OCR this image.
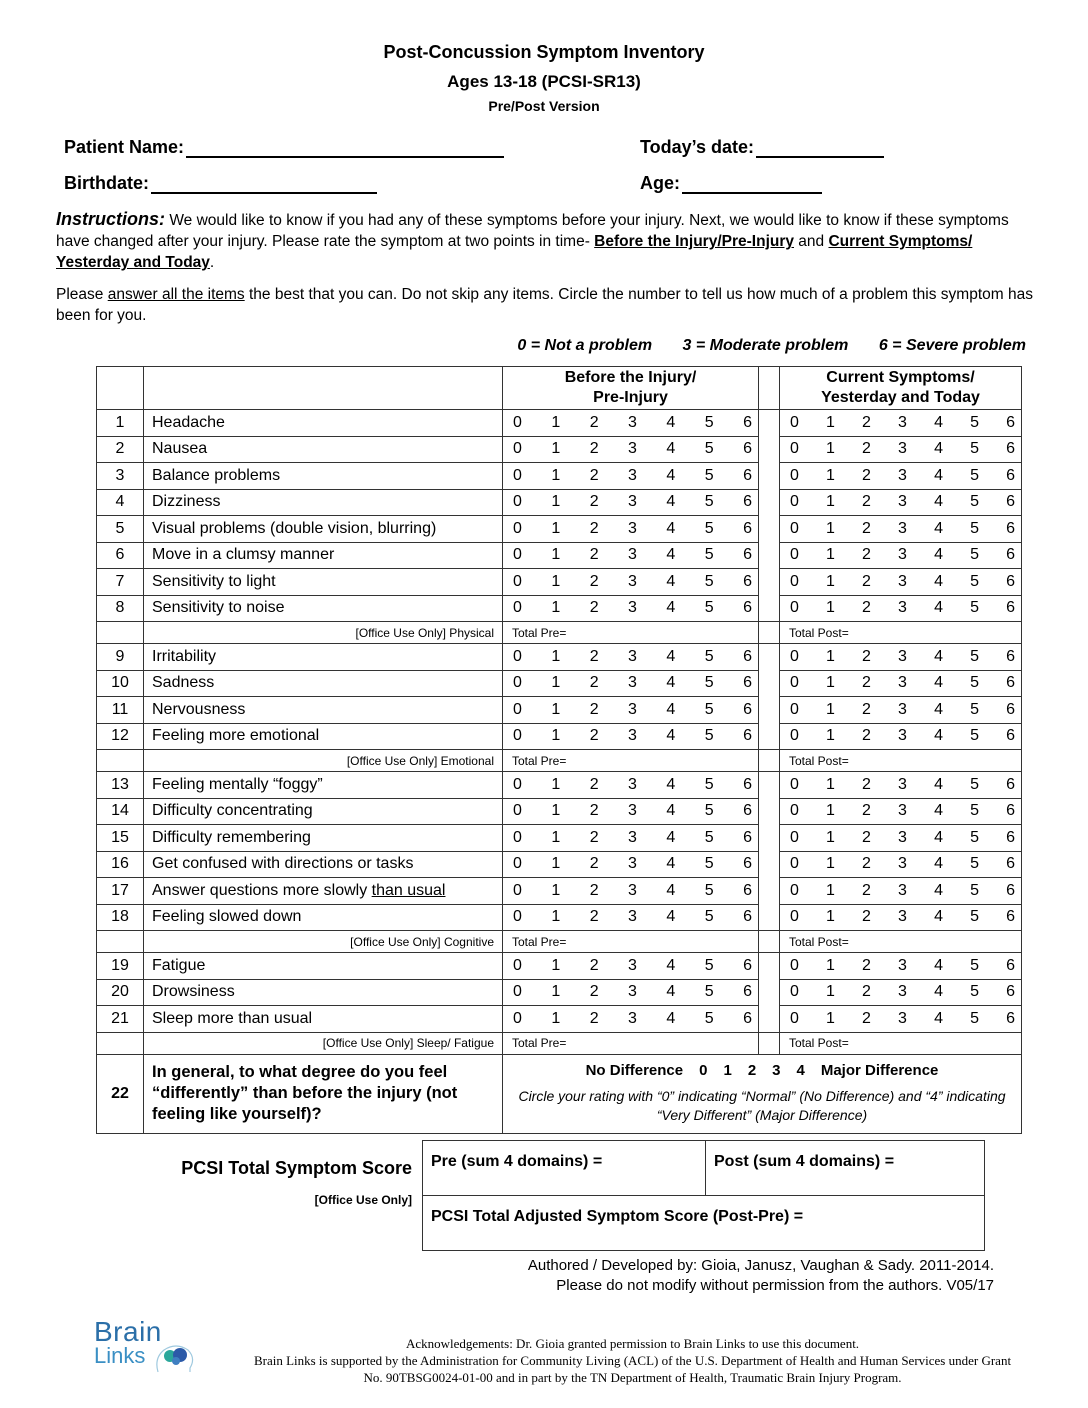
Post-Concussion Symptom Inventory
Ages 13-18 (PCSI-SR13)
Pre/Post Version
Patient Name:	Today’s date:
Birthdate:	Age:
Instructions: We would like to know if you had any of these symptoms before your injury. Next, we would like to know if these symptoms have changed after your injury. Please rate the symptom at two points in time- Before the Injury/Pre-Injury and Current Symptoms/ Yesterday and Today.
Please answer all the items the best that you can. Do not skip any items. Circle the number to tell us how much of a problem this symptom has been for you.
0 = Not a problem 3 = Moderate problem 6 = Severe problem

Before the Injury/
Pre-Injury

Current Symptoms/
Yesterday and Today

1	Headache	0 1 2 3 4 5 6		0 1 2 3 4 5 6

2	Nausea	0 1 2 3 4 5 6		0 1 2 3 4 5 6

3	Balance problems	0 1 2 3 4 5 6		0 1 2 3 4 5 6

4	Dizziness	0 1 2 3 4 5 6		0 1 2 3 4 5 6

5	Visual problems (double vision, blurring)	0 1 2 3 4 5 6		0 1 2 3 4 5 6

6	Move in a clumsy manner	0 1 2 3 4 5 6		0 1 2 3 4 5 6

7	Sensitivity to light	0 1 2 3 4 5 6		0 1 2 3 4 5 6

8	Sensitivity to noise	0 1 2 3 4 5 6		0 1 2 3 4 5 6

	[Office Use Only] Physical	Total Pre=		Total Post=
9	Irritability	0 1 2 3 4 5 6		0 1 2 3 4 5 6

10	Sadness	0 1 2 3 4 5 6		0 1 2 3 4 5 6

11	Nervousness	0 1 2 3 4 5 6		0 1 2 3 4 5 6

12	Feeling more emotional	0 1 2 3 4 5 6		0 1 2 3 4 5 6

	[Office Use Only] Emotional	Total Pre=		Total Post=
13	Feeling mentally “foggy”	0 1 2 3 4 5 6		0 1 2 3 4 5 6

14	Difficulty concentrating	0 1 2 3 4 5 6		0 1 2 3 4 5 6

15	Difficulty remembering	0 1 2 3 4 5 6		0 1 2 3 4 5 6

16	Get confused with directions or tasks	0 1 2 3 4 5 6		0 1 2 3 4 5 6

17	Answer questions more slowly than usual	0 1 2 3 4 5 6		0 1 2 3 4 5 6

18	Feeling slowed down	0 1 2 3 4 5 6		0 1 2 3 4 5 6

	[Office Use Only] Cognitive	Total Pre=		Total Post=
19	Fatigue	0 1 2 3 4 5 6		0 1 2 3 4 5 6

20	Drowsiness	0 1 2 3 4 5 6		0 1 2 3 4 5 6

21	Sleep more than usual	0 1 2 3 4 5 6		0 1 2 3 4 5 6

	[Office Use Only] Sleep/ Fatigue	Total Pre=		Total Post=
22	In general, to what degree do you feel “differently” than before the injury (not feeling like yourself)?	No Difference 0 1 2 3 4 Major Difference
Circle your rating with “0” indicating “Normal” (No Difference) and “4” indicating “Very Different” (Major Difference)		
PCSI Total Symptom Score
[Office Use Only]
Pre (sum 4 domains) =	Post (sum 4 domains) =
PCSI Total Adjusted Symptom Score (Post-Pre) =
Authored / Developed by: Gioia, Janusz, Vaughan & Sady. 2011-2014.
Please do not modify without permission from the authors. V05/17
Brain
Links	Acknowledgements: Dr. Gioia granted permission to Brain Links to use this document.
Brain Links is supported by the Administration for Community Living (ACL) of the U.S. Department of Health and Human Services under Grant
No. 90TBSG0024-01-00 and in part by the TN Department of Health, Traumatic Brain Injury Program.
